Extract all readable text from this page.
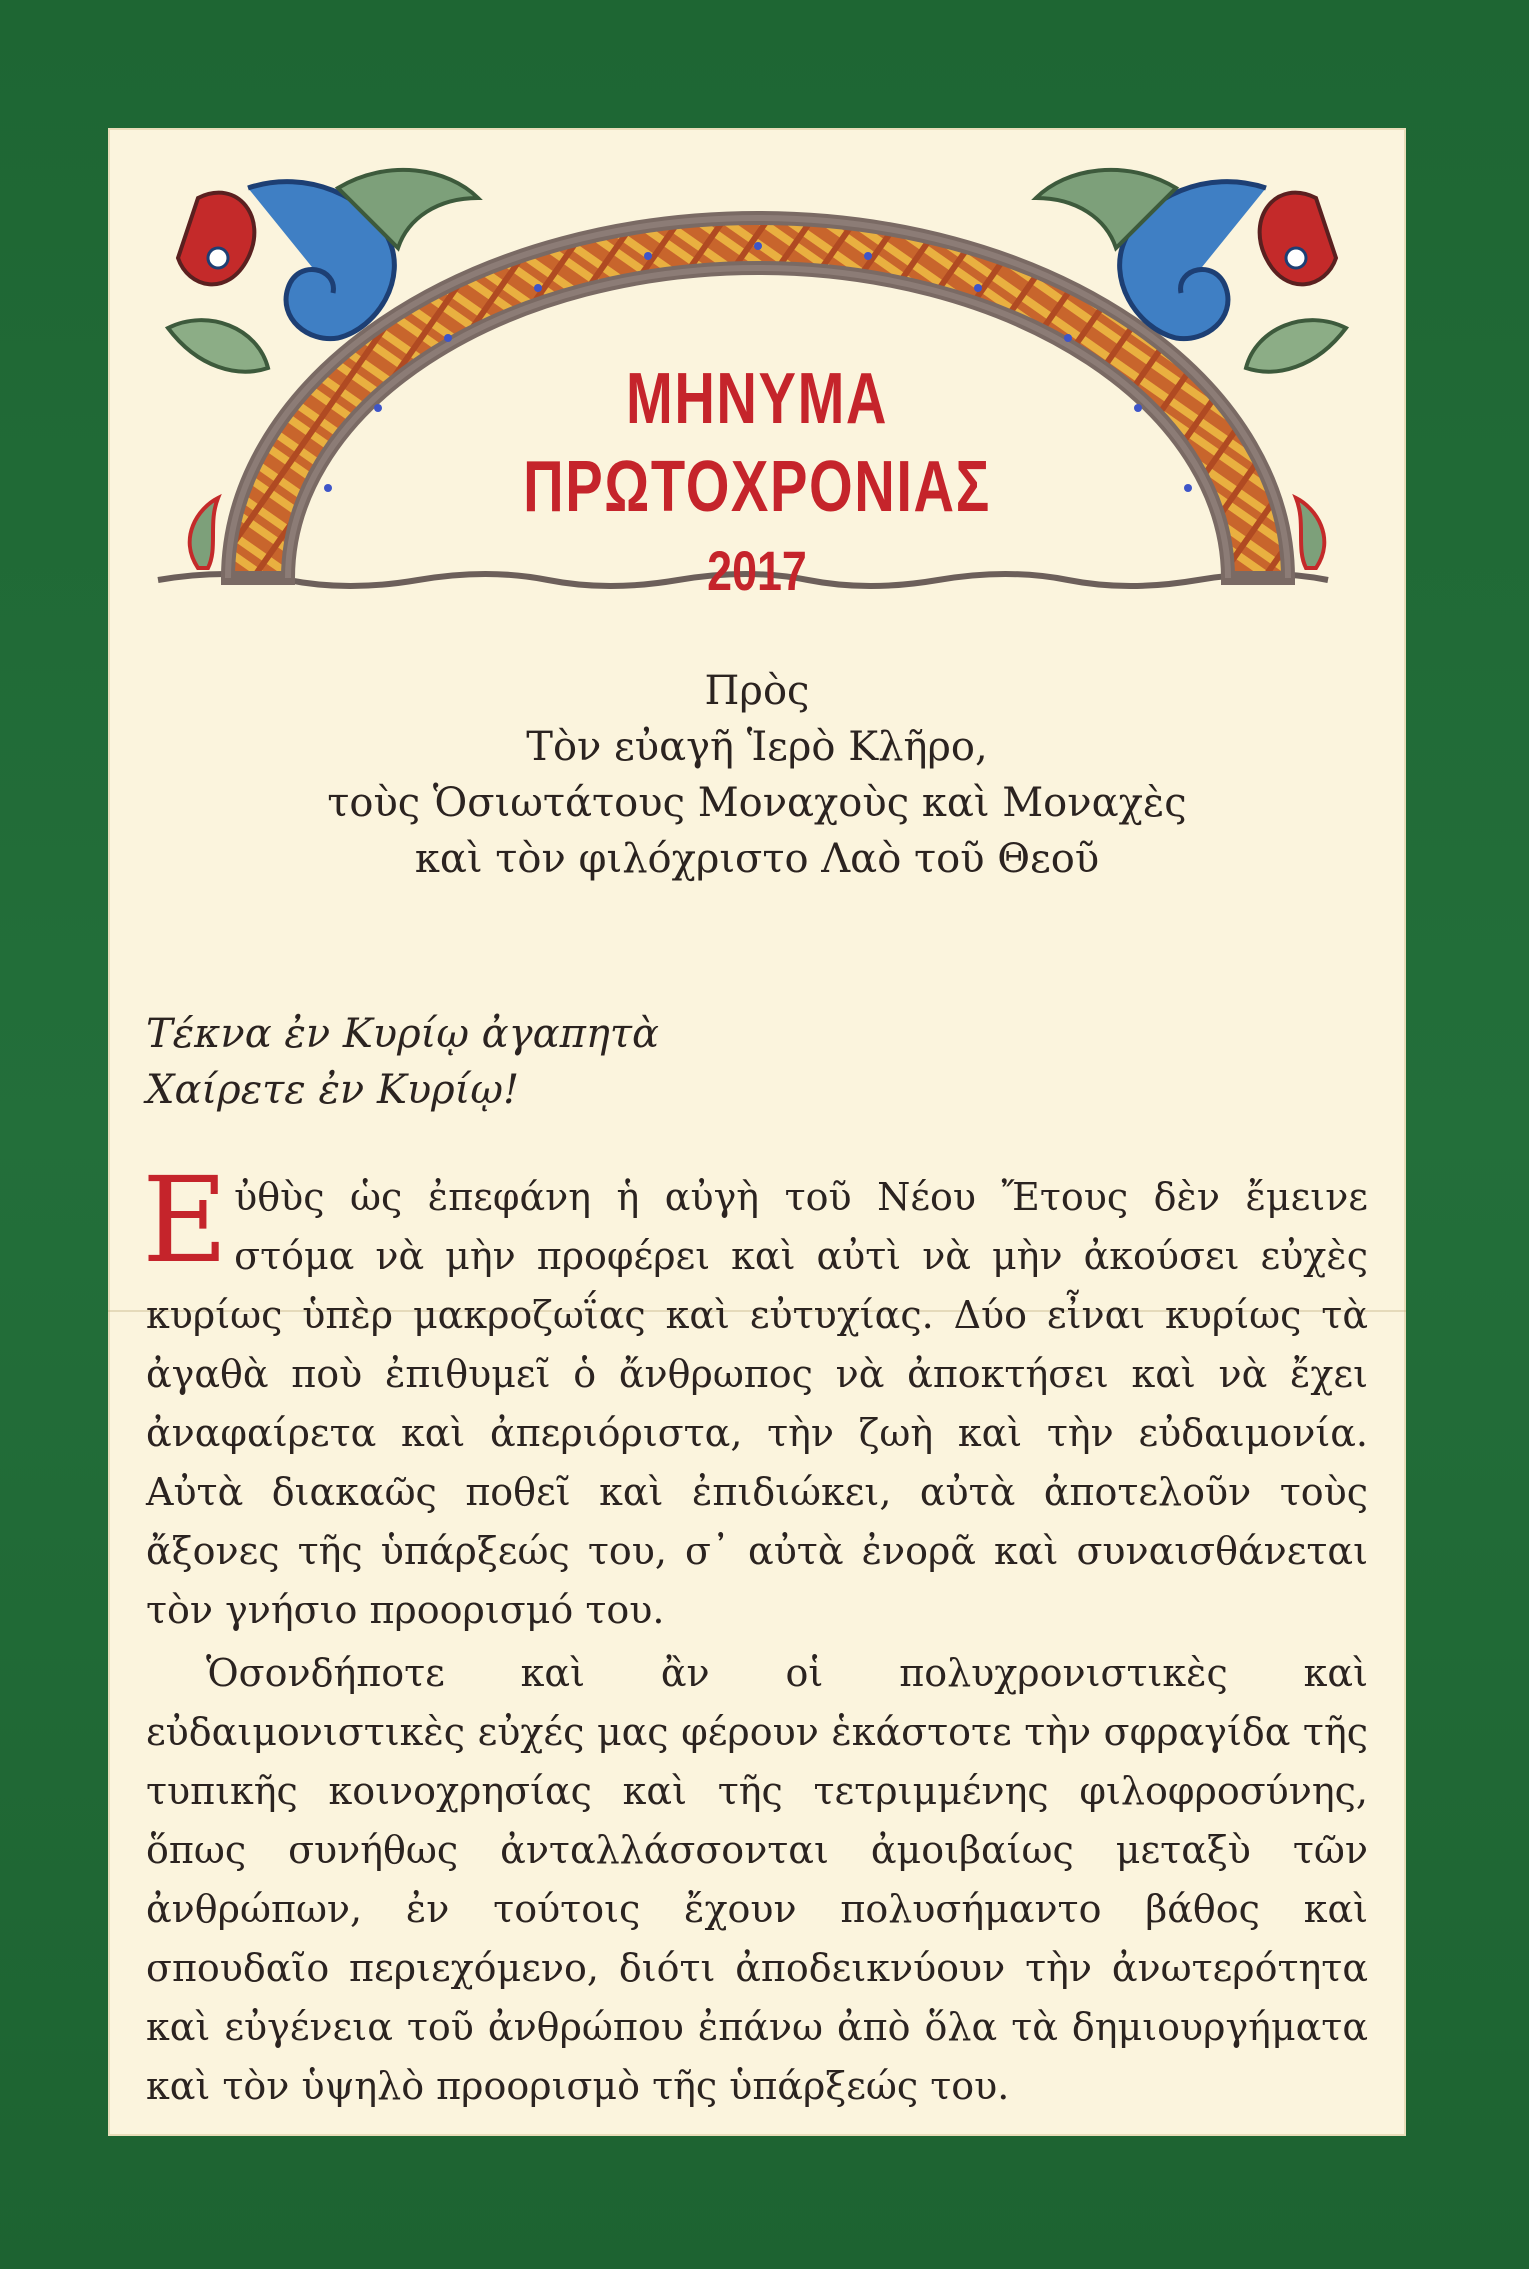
ΜΗΝΥΜΑ
ΠΡΩΤΟΧΡΟΝΙΑΣ
2017
Πρὸς
Τὸν εὐαγῆ Ἱερὸ Κλῆρο,
τοὺς Ὁσιωτάτους Μοναχοὺς καὶ Μοναχὲς
καὶ τὸν φιλόχριστο Λαὸ τοῦ Θεοῦ
Τέκνα ἐν Κυρίῳ ἀγαπητὰ
Χαίρετε ἐν Κυρίῳ!

Εὐθὺς ὡς ἐπεφάνη ἡ αὐγὴ τοῦ Νέου Ἔτους δὲν ἔμεινε στόμα νὰ μὴν προφέρει καὶ αὐτὶ νὰ μὴν ἀκούσει εὐχὲς κυρίως ὑπὲρ μακροζωΐας καὶ εὐτυχίας. Δύο εἶναι κυρίως τὰ ἀγαθὰ ποὺ ἐπιθυμεῖ ὁ ἄνθρωπος νὰ ἀποκτήσει καὶ νὰ ἔχει ἀναφαίρετα καὶ ἀπεριόριστα, τὴν ζωὴ καὶ τὴν εὐδαιμονία. Αὐτὰ διακαῶς ποθεῖ καὶ ἐπιδιώκει, αὐτὰ ἀποτελοῦν τοὺς ἄξονες τῆς ὑπάρξεώς του, σ᾽ αὐτὰ ἐνορᾶ καὶ συναισθάνεται τὸν γνήσιο προορισμό του.

Ὁσονδήποτε καὶ ἂν οἱ πολυχρονιστικὲς καὶ εὐδαιμονιστικὲς εὐχές μας φέρουν ἑκάστοτε τὴν σφραγίδα τῆς τυπικῆς κοινοχρησίας καὶ τῆς τετριμμένης φιλοφροσύνης, ὅπως συνήθως ἀνταλλάσσονται ἀμοιβαίως μεταξὺ τῶν ἀνθρώπων, ἐν τούτοις ἔχουν πολυσήμαντο βάθος καὶ σπουδαῖο περιεχόμενο, διότι ἀποδεικνύουν τὴν ἀνωτερότητα καὶ εὐγένεια τοῦ ἀνθρώπου ἐπάνω ἀπὸ ὅλα τὰ δημιουργήματα καὶ τὸν ὑψηλὸ προορισμὸ τῆς ὑπάρξεώς του.
